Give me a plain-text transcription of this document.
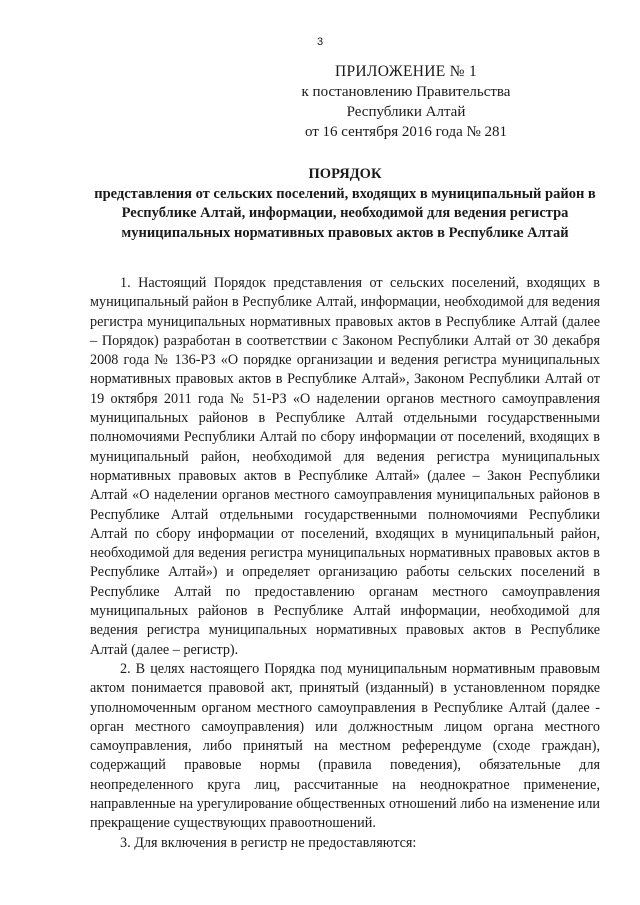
3
ПРИЛОЖЕНИЕ № 1
к постановлению Правительства
Республики Алтай
от 16 сентября 2016 года № 281
ПОРЯДОК
представления от сельских поселений, входящих в муниципальный район в Республике Алтай, информации, необходимой для ведения регистра муниципальных нормативных правовых актов в Республике Алтай

1. Настоящий Порядок представления от сельских поселений, входящих в муниципальный район в Республике Алтай, информации, необходимой для ведения регистра муниципальных нормативных правовых актов в Республике Алтай (далее – Порядок) разработан в соответствии с Законом Республики Алтай от 30 декабря 2008 года № 136-РЗ «О порядке организации и ведения регистра муниципальных нормативных правовых актов в Республике Алтай», Законом Республики Алтай от 19 октября 2011 года № 51-РЗ «О наделении органов местного самоуправления муниципальных районов в Республике Алтай отдельными государственными полномочиями Республики Алтай по сбору информации от поселений, входящих в муниципальный район, необходимой для ведения регистра муниципальных нормативных правовых актов в Республике Алтай» (далее – Закон Республики Алтай «О наделении органов местного самоуправления муниципальных районов в Республике Алтай отдельными государственными полномочиями Республики Алтай по сбору информации от поселений, входящих в муниципальный район, необходимой для ведения регистра муниципальных нормативных правовых актов в Республике Алтай») и определяет организацию работы сельских поселений в Республике Алтай по предоставлению органам местного самоуправления муниципальных районов в Республике Алтай информации, необходимой для ведения регистра муниципальных нормативных правовых актов в Республике Алтай (далее – регистр).

2. В целях настоящего Порядка под муниципальным нормативным правовым актом понимается правовой акт, принятый (изданный) в установленном порядке уполномоченным органом местного самоуправления в Республике Алтай (далее - орган местного самоуправления) или должностным лицом органа местного самоуправления, либо принятый на местном референдуме (сходе граждан), содержащий правовые нормы (правила поведения), обязательные для неопределенного круга лиц, рассчитанные на неоднократное применение, направленные на урегулирование общественных отношений либо на изменение или прекращение существующих правоотношений.

3. Для включения в регистр не предоставляются:
